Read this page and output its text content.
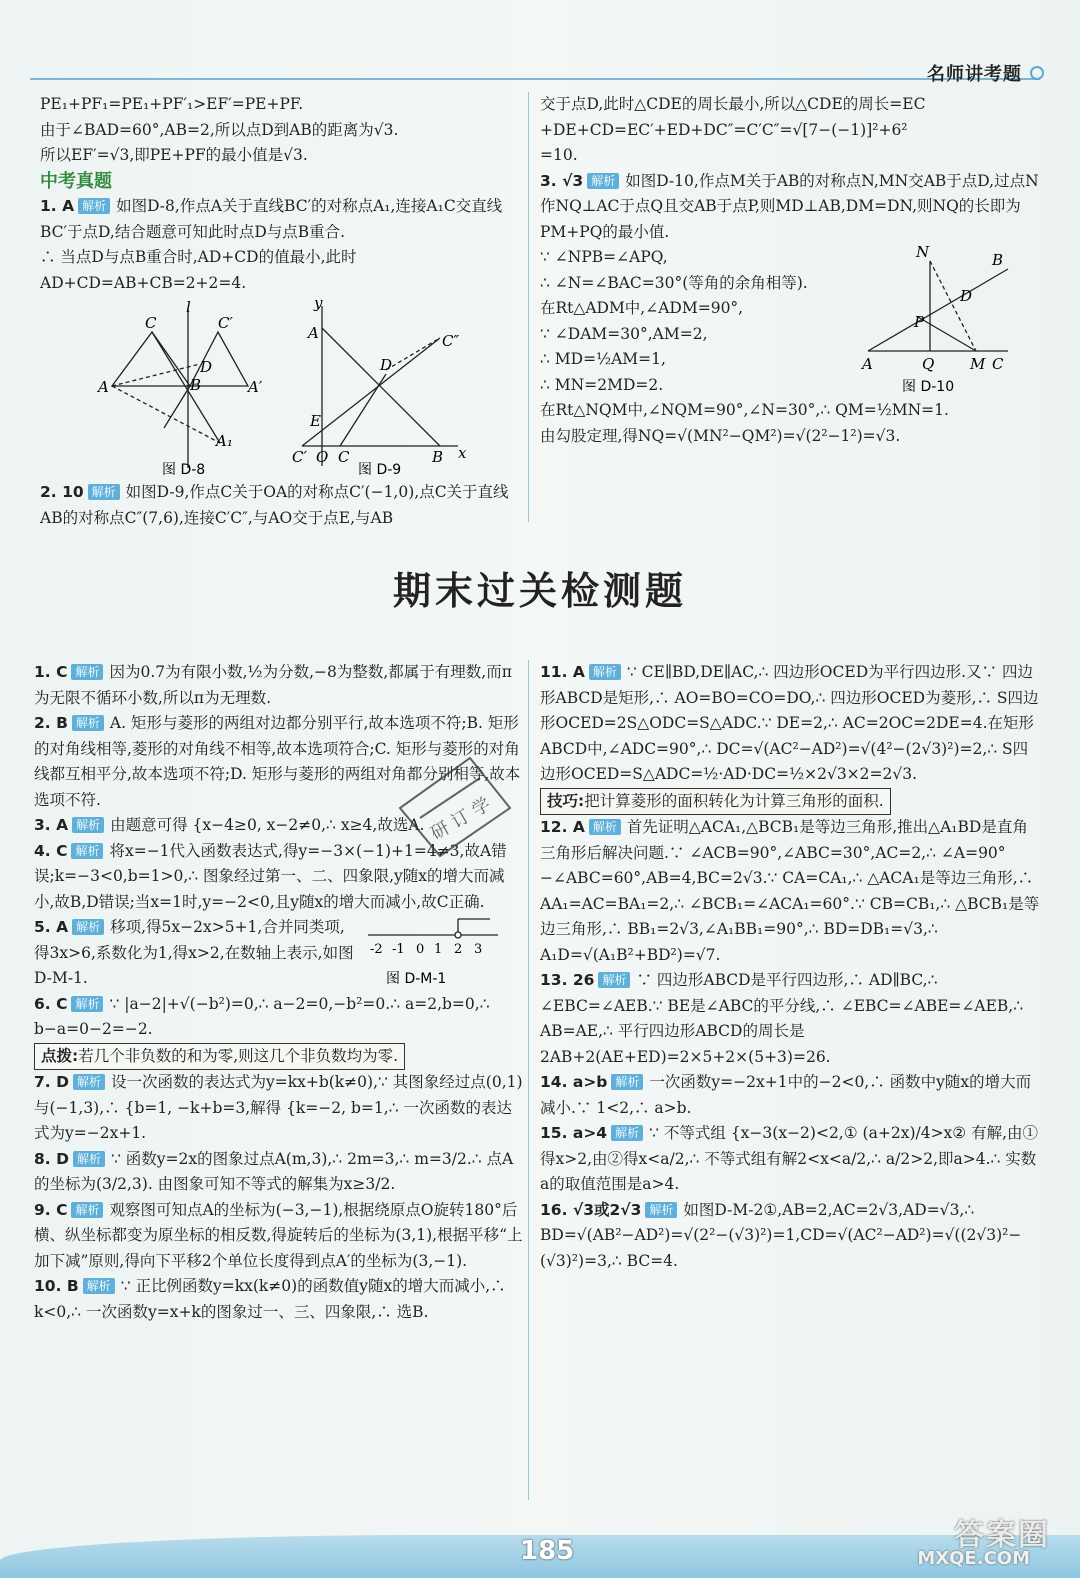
名师讲考题

PE₁+PF₁=PE₁+PF′₁>EF′=PE+PF.

由于∠BAD=60°,AB=2,所以点D到AB的距离为√3.

所以EF′=√3,即PE+PF的最小值是√3.

中考真题

1. A 解析 如图D-8,作点A关于直线BC′的对称点A₁,连接A₁C交直线BC′于点D,结合题意可知此时点D与点B重合.

∴ 当点D与点B重合时,AD+CD的值最小,此时AD+CD=AB+CB=2+2=4.

l
C	C′
D
A	B	A′
A₁
图 D-8
y
A	C″
D
E
C′ O C	B x
图 D-9

2. 10 解析 如图D-9,作点C关于OA的对称点C′(−1,0),点C关于直线AB的对称点C″(7,6),连接C′C″,与AO交于点E,与AB

交于点D,此时△CDE的周长最小,所以△CDE的周长=EC

+DE+CD=EC′+ED+DC″=C′C″=√[7−(−1)]²+6²

=10.

3. √3 解析 如图D-10,作点M关于AB的对称点N,MN交AB于点D,过点N作NQ⊥AC于点Q且交AB于点P,则MD⊥AB,DM=DN,则NQ的长即为PM+PQ的最小值.

∵ ∠NPB=∠APQ,

∴ ∠N=∠BAC=30°(等角的余角相等).

在Rt△ADM中,∠ADM=90°,

∵ ∠DAM=30°,AM=2,

∴ MD=½AM=1,

∴ MN=2MD=2.

N	B
D
P
A	Q M C
图 D-10

在Rt△NQM中,∠NQM=90°,∠N=30°,∴ QM=½MN=1.

由勾股定理,得NQ=√(MN²−QM²)=√(2²−1²)=√3.

期末过关检测题

1. C 解析 因为0.7为有限小数,½为分数,−8为整数,都属于有理数,而π为无限不循环小数,所以π为无理数.

2. B 解析 A. 矩形与菱形的两组对边都分别平行,故本选项不符;B. 矩形的对角线相等,菱形的对角线不相等,故本选项符合;C. 矩形与菱形的对角线都互相平分,故本选项不符;D. 矩形与菱形的两组对角都分别相等,故本选项不符.

3. A 解析 由题意可得 {x−4≥0, x−2≠0,∴ x≥4,故选A.

4. C 解析 将x=−1代入函数表达式,得y=−3×(−1)+1=4≠3,故A错误;k=−3<0,b=1>0,∴ 图象经过第一、二、四象限,y随x的增大而减小,故B,D错误;当x=1时,y=−2<0,且y随x的增大而减小,故C正确.

5. A 解析 移项,得5x−2x>5+1,合并同类项,得3x>6,系数化为1,得x>2,在数轴上表示,如图D-M-1.

-2 -1 0 1 2 3
图 D-M-1

6. C 解析 ∵ |a−2|+√(−b²)=0,∴ a−2=0,−b²=0.∴ a=2,b=0,∴ b−a=0−2=−2.

点拨:若几个非负数的和为零,则这几个非负数均为零.

7. D 解析 设一次函数的表达式为y=kx+b(k≠0),∵ 其图象经过点(0,1)与(−1,3),∴ {b=1, −k+b=3,解得 {k=−2, b=1,∴ 一次函数的表达式为y=−2x+1.

8. D 解析 ∵ 函数y=2x的图象过点A(m,3),∴ 2m=3,∴ m=3/2.∴ 点A的坐标为(3/2,3). 由图象可知不等式的解集为x≥3/2.

9. C 解析 观察图可知点A的坐标为(−3,−1),根据绕原点O旋转180°后横、纵坐标都变为原坐标的相反数,得旋转后的坐标为(3,1),根据平移“上加下减”原则,得向下平移2个单位长度得到点A′的坐标为(3,−1).

10. B 解析 ∵ 正比例函数y=kx(k≠0)的函数值y随x的增大而减小,∴ k<0,∴ 一次函数y=x+k的图象过一、三、四象限,∴ 选B.

11. A 解析 ∵ CE∥BD,DE∥AC,∴ 四边形OCED为平行四边形.又∵ 四边形ABCD是矩形,∴ AO=BO=CO=DO,∴ 四边形OCED为菱形,∴ S四边形OCED=2S△ODC=S△ADC.∵ DE=2,∴ AC=2OC=2DE=4.在矩形ABCD中,∠ADC=90°,∴ DC=√(AC²−AD²)=√(4²−(2√3)²)=2,∴ S四边形OCED=S△ADC=½·AD·DC=½×2√3×2=2√3.

技巧:把计算菱形的面积转化为计算三角形的面积.

12. A 解析 首先证明△ACA₁,△BCB₁是等边三角形,推出△A₁BD是直角三角形后解决问题.∵ ∠ACB=90°,∠ABC=30°,AC=2,∴ ∠A=90°−∠ABC=60°,AB=4,BC=2√3.∵ CA=CA₁,∴ △ACA₁是等边三角形,∴ AA₁=AC=BA₁=2,∴ ∠BCB₁=∠ACA₁=60°.∵ CB=CB₁,∴ △BCB₁是等边三角形,∴ BB₁=2√3,∠A₁BB₁=90°,∴ BD=DB₁=√3,∴ A₁D=√(A₁B²+BD²)=√7.

13. 26 解析 ∵ 四边形ABCD是平行四边形,∴ AD∥BC,∴ ∠EBC=∠AEB.∵ BE是∠ABC的平分线,∴ ∠EBC=∠ABE=∠AEB,∴ AB=AE,∴ 平行四边形ABCD的周长是2AB+2(AE+ED)=2×5+2×(5+3)=26.

14. a>b 解析 一次函数y=−2x+1中的−2<0,∴ 函数中y随x的增大而减小.∵ 1<2,∴ a>b.

15. a>4 解析 ∵ 不等式组 {x−3(x−2)<2,① (a+2x)/4>x② 有解,由①得x>2,由②得x<a/2,∴ 不等式组有解2<x<a/2,∴ a/2>2,即a>4.∴ 实数a的取值范围是a>4.

16. √3或2√3 解析 如图D-M-2①,AB=2,AC=2√3,AD=√3,∴ BD=√(AB²−AD²)=√(2²−(√3)²)=1,CD=√(AC²−AD²)=√((2√3)²−(√3)²)=3,∴ BC=4.

研 订 学
185	答案圈
MXQE.COM
